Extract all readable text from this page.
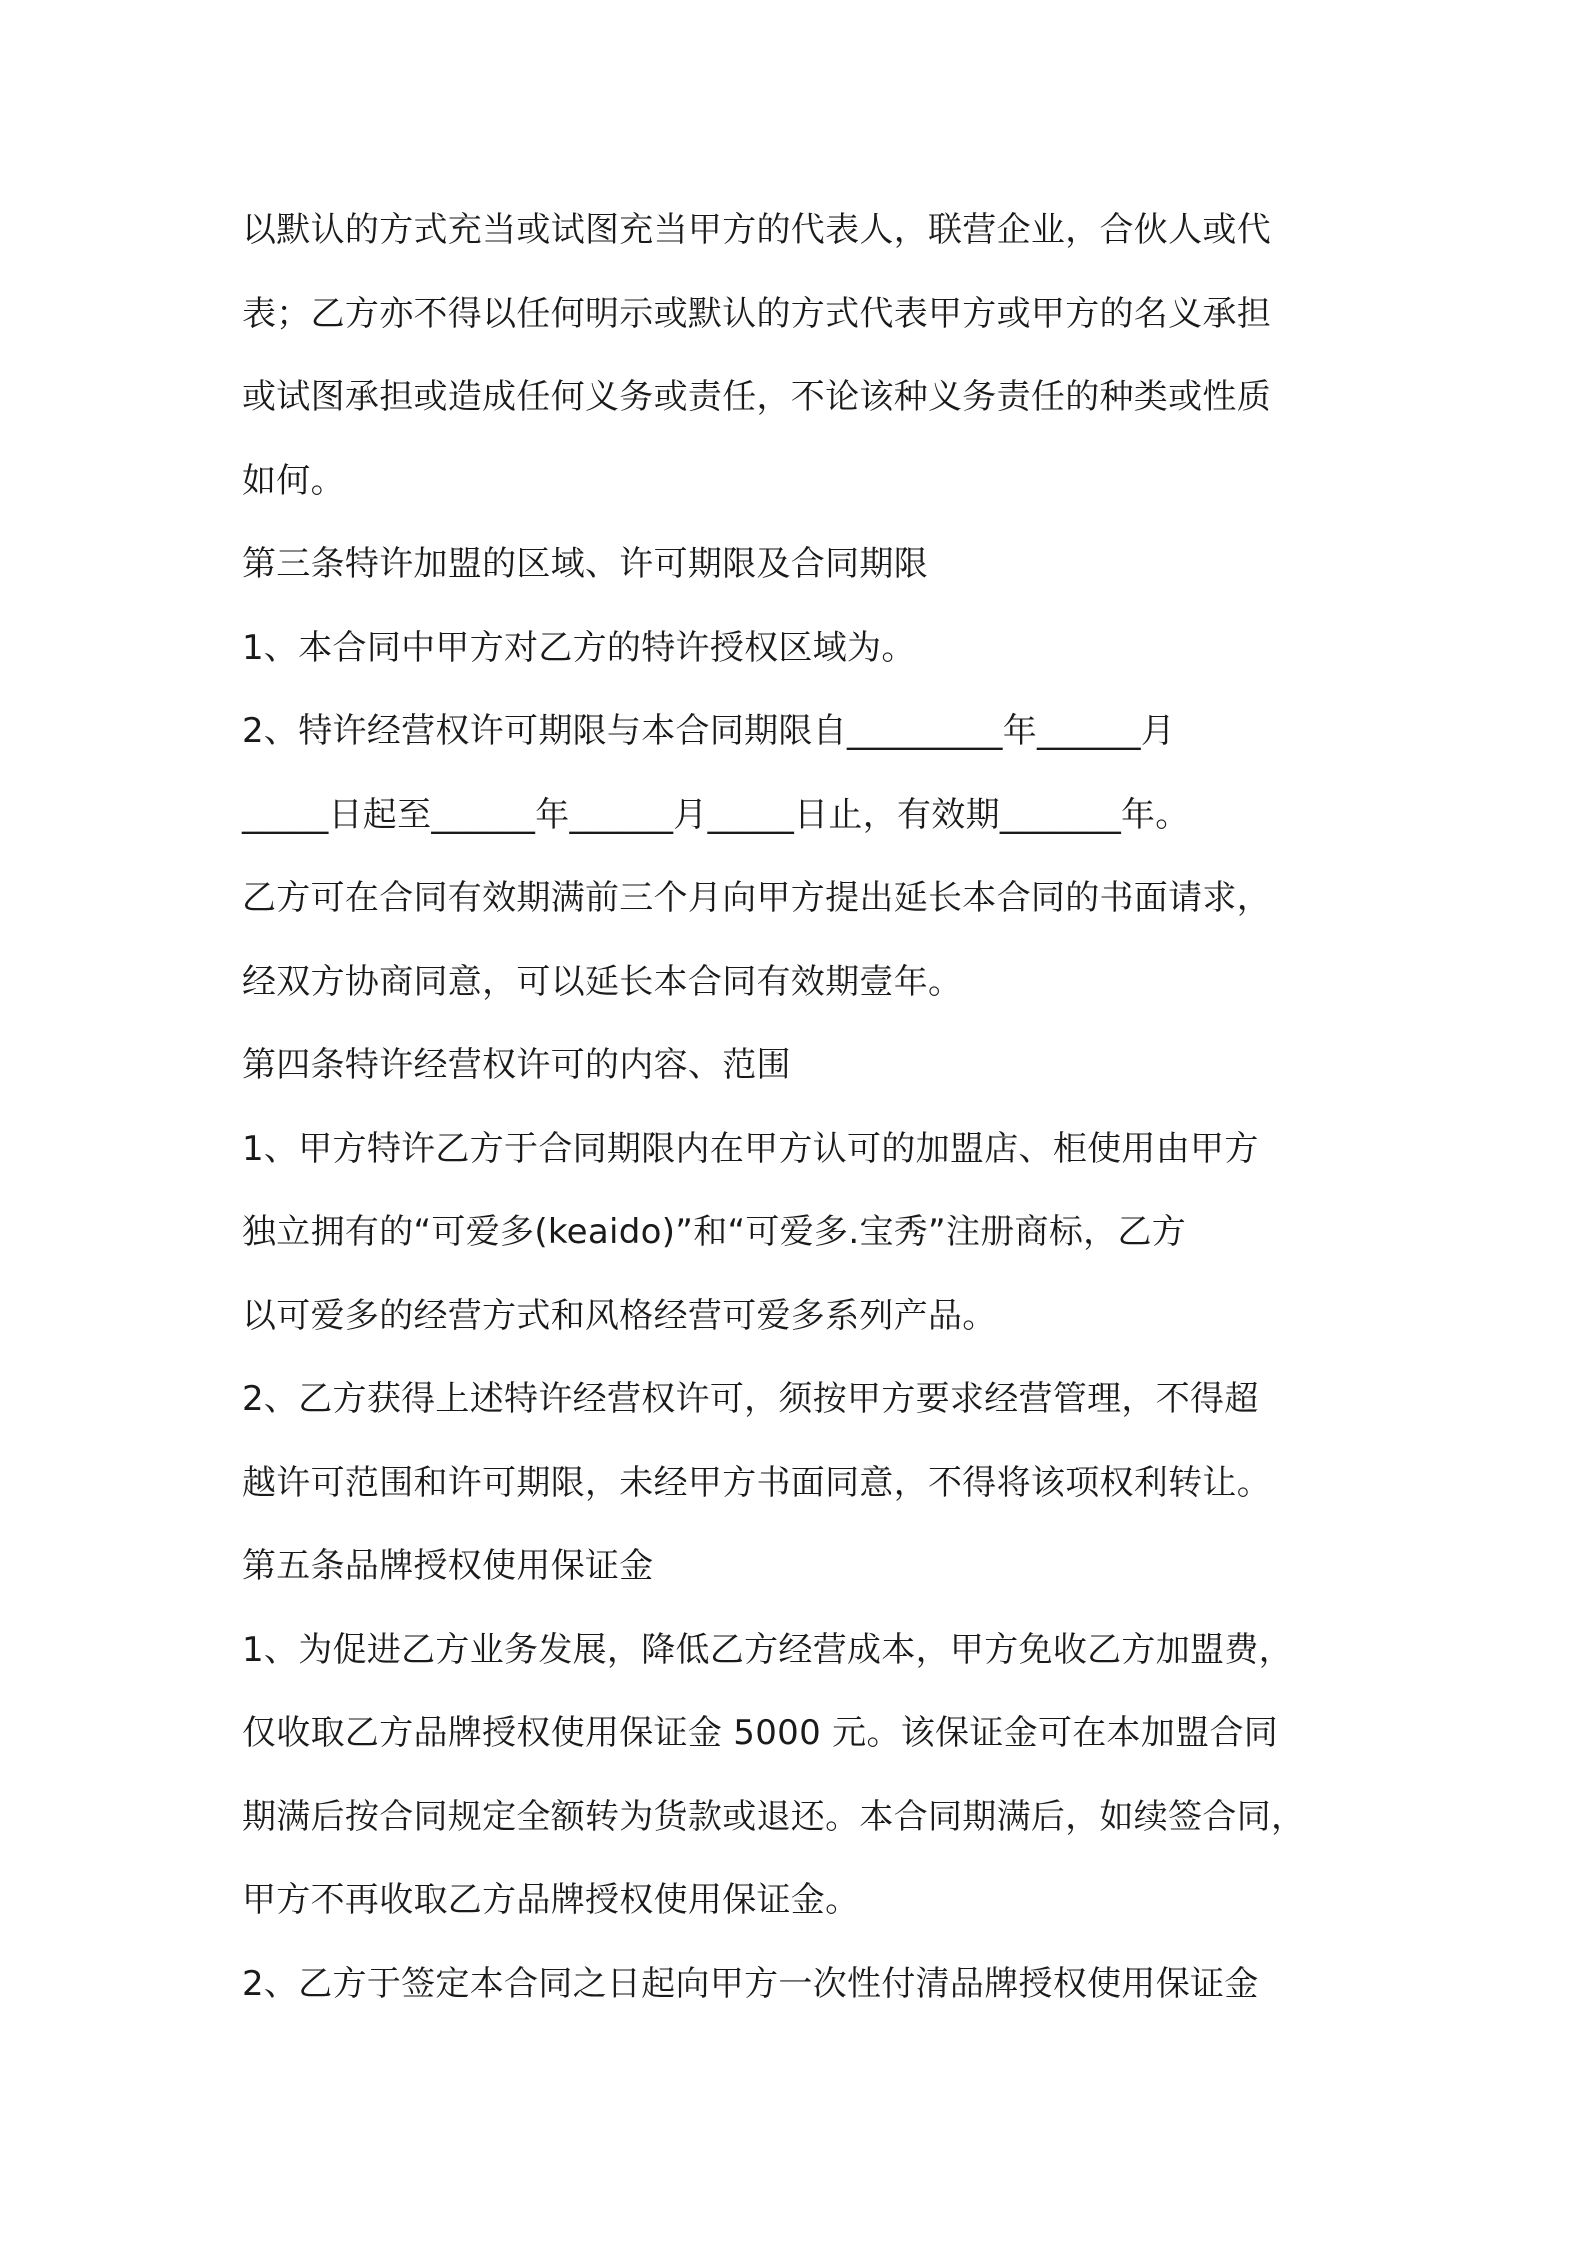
以默认的方式充当或试图充当甲方的代表人，联营企业，合伙人或代
表；乙方亦不得以任何明示或默认的方式代表甲方或甲方的名义承担
或试图承担或造成任何义务或责任，不论该种义务责任的种类或性质
如何。
第三条特许加盟的区域、许可期限及合同期限
1、本合同中甲方对乙方的特许授权区域为。
2、特许经营权许可期限与本合同期限自_________年______月
_____日起至______年______月_____日止，有效期_______年。
乙方可在合同有效期满前三个月向甲方提出延长本合同的书面请求，
经双方协商同意，可以延长本合同有效期壹年。
第四条特许经营权许可的内容、范围
1、甲方特许乙方于合同期限内在甲方认可的加盟店、柜使用由甲方
独立拥有的“可爱多(keaido)”和“可爱多.宝秀”注册商标，乙方
以可爱多的经营方式和风格经营可爱多系列产品。
2、乙方获得上述特许经营权许可，须按甲方要求经营管理，不得超
越许可范围和许可期限，未经甲方书面同意，不得将该项权利转让。
第五条品牌授权使用保证金
1、为促进乙方业务发展，降低乙方经营成本，甲方免收乙方加盟费，
仅收取乙方品牌授权使用保证金 5000 元。该保证金可在本加盟合同
期满后按合同规定全额转为货款或退还。本合同期满后，如续签合同，
甲方不再收取乙方品牌授权使用保证金。
2、乙方于签定本合同之日起向甲方一次性付清品牌授权使用保证金
